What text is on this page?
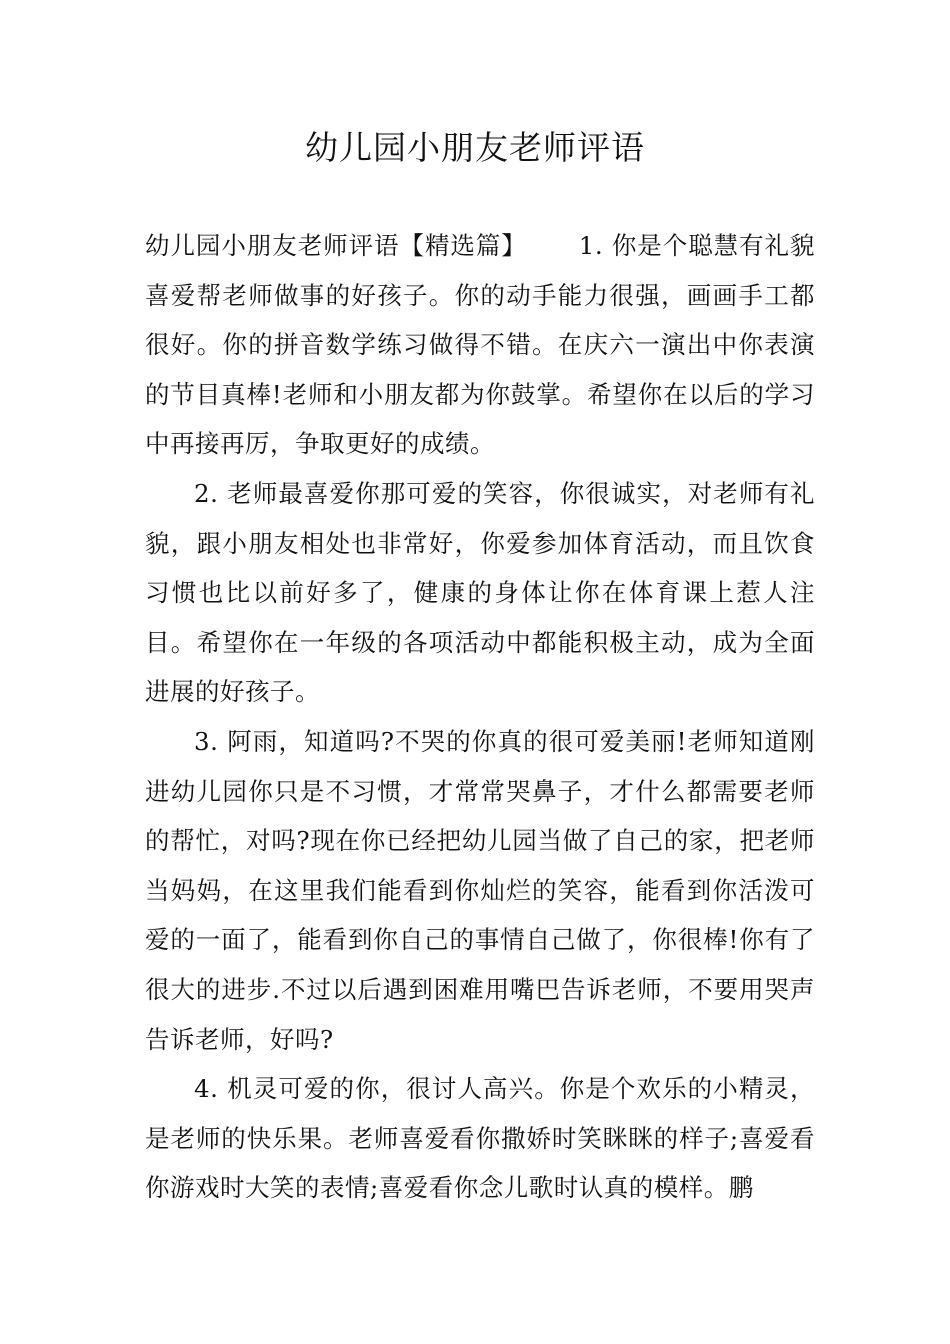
幼儿园小朋友老师评语

幼儿园小朋友老师评语【精选篇】 1. 你是个聪慧有礼貌喜爱帮老师做事的好孩子。你的动手能力很强，画画手工都很好。你的拼音数学练习做得不错。在庆六一演出中你表演的节目真棒!老师和小朋友都为你鼓掌。希望你在以后的学习中再接再厉，争取更好的成绩。

2. 老师最喜爱你那可爱的笑容，你很诚实，对老师有礼貌，跟小朋友相处也非常好，你爱参加体育活动，而且饮食习惯也比以前好多了，健康的身体让你在体育课上惹人注目。希望你在一年级的各项活动中都能积极主动，成为全面进展的好孩子。

3. 阿雨，知道吗?不哭的你真的很可爱美丽!老师知道刚进幼儿园你只是不习惯，才常常哭鼻子，才什么都需要老师的帮忙，对吗?现在你已经把幼儿园当做了自己的家，把老师当妈妈，在这里我们能看到你灿烂的笑容，能看到你活泼可爱的一面了，能看到你自己的事情自己做了，你很棒!你有了很大的进步.不过以后遇到困难用嘴巴告诉老师，不要用哭声告诉老师，好吗?

4. 机灵可爱的你，很讨人高兴。你是个欢乐的小精灵，是老师的快乐果。老师喜爱看你撒娇时笑眯眯的样子;喜爱看你游戏时大笑的表情;喜爱看你念儿歌时认真的模样。鹏
